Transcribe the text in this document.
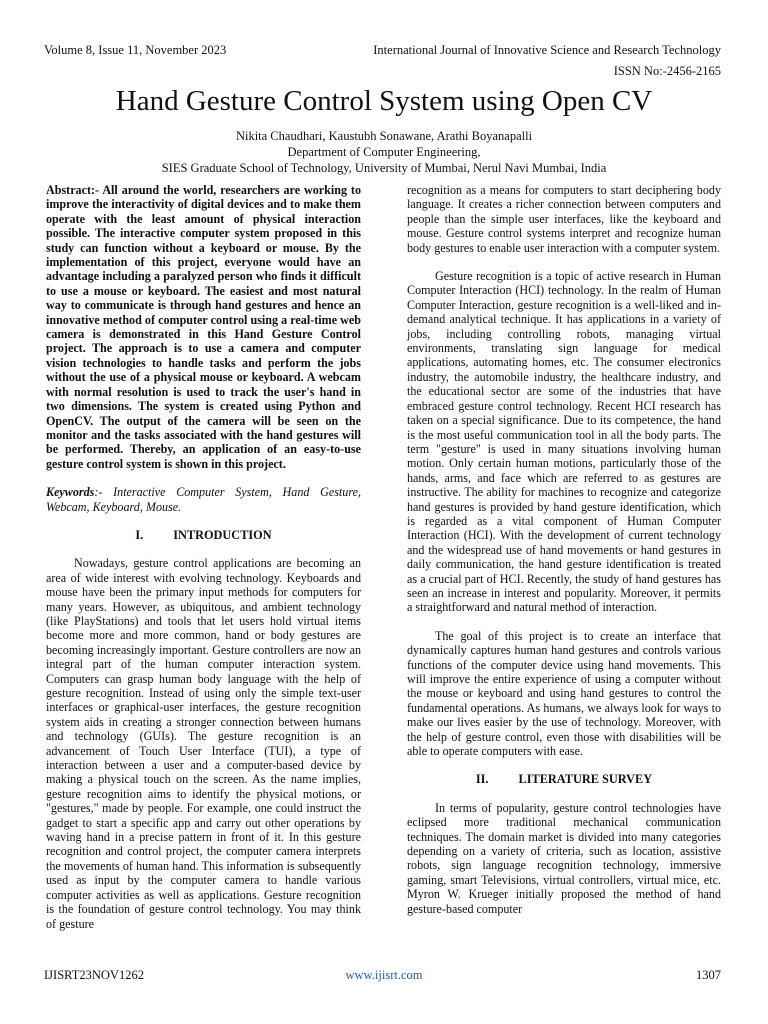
Volume 8, Issue 11, November 2023	International Journal of Innovative Science and Research Technology
ISSN No:-2456-2165
Hand Gesture Control System using Open CV
Nikita Chaudhari, Kaustubh Sonawane, Arathi Boyanapalli
Department of Computer Engineering,
SIES Graduate School of Technology, University of Mumbai, Nerul Navi Mumbai, India

Abstract:- All around the world, researchers are working to improve the interactivity of digital devices and to make them operate with the least amount of physical interaction possible. The interactive computer system proposed in this study can function without a keyboard or mouse. By the implementation of this project, everyone would have an advantage including a paralyzed person who finds it difficult to use a mouse or keyboard. The easiest and most natural way to communicate is through hand gestures and hence an innovative method of computer control using a real-time web camera is demonstrated in this Hand Gesture Control project. The approach is to use a camera and computer vision technologies to handle tasks and perform the jobs without the use of a physical mouse or keyboard. A webcam with normal resolution is used to track the user's hand in two dimensions. The system is created using Python and OpenCV. The output of the camera will be seen on the monitor and the tasks associated with the hand gestures will be performed. Thereby, an application of an easy-to-use gesture control system is shown in this project.

Keywords:- Interactive Computer System, Hand Gesture, Webcam, Keyboard, Mouse.

I. INTRODUCTION

Nowadays, gesture control applications are becoming an area of wide interest with evolving technology. Keyboards and mouse have been the primary input methods for computers for many years. However, as ubiquitous, and ambient technology (like PlayStations) and tools that let users hold virtual items become more and more common, hand or body gestures are becoming increasingly important. Gesture controllers are now an integral part of the human computer interaction system. Computers can grasp human body language with the help of gesture recognition. Instead of using only the simple text-user interfaces or graphical-user interfaces, the gesture recognition system aids in creating a stronger connection between humans and technology (GUIs). The gesture recognition is an advancement of Touch User Interface (TUI), a type of interaction between a user and a computer-based device by making a physical touch on the screen. As the name implies, gesture recognition aims to identify the physical motions, or "gestures," made by people. For example, one could instruct the gadget to start a specific app and carry out other operations by waving hand in a precise pattern in front of it. In this gesture recognition and control project, the computer camera interprets the movements of human hand. This information is subsequently used as input by the computer camera to handle various computer activities as well as applications. Gesture recognition is the foundation of gesture control technology. You may think of gesture

recognition as a means for computers to start deciphering body language. It creates a richer connection between computers and people than the simple user interfaces, like the keyboard and mouse. Gesture control systems interpret and recognize human body gestures to enable user interaction with a computer system.

Gesture recognition is a topic of active research in Human Computer Interaction (HCI) technology. In the realm of Human Computer Interaction, gesture recognition is a well-liked and in-demand analytical technique. It has applications in a variety of jobs, including controlling robots, managing virtual environments, translating sign language for medical applications, automating homes, etc. The consumer electronics industry, the automobile industry, the healthcare industry, and the educational sector are some of the industries that have embraced gesture control technology. Recent HCI research has taken on a special significance. Due to its competence, the hand is the most useful communication tool in all the body parts. The term "gesture" is used in many situations involving human motion. Only certain human motions, particularly those of the hands, arms, and face which are referred to as gestures are instructive. The ability for machines to recognize and categorize hand gestures is provided by hand gesture identification, which is regarded as a vital component of Human Computer Interaction (HCI). With the development of current technology and the widespread use of hand movements or hand gestures in daily communication, the hand gesture identification is treated as a crucial part of HCI. Recently, the study of hand gestures has seen an increase in interest and popularity. Moreover, it permits a straightforward and natural method of interaction.

The goal of this project is to create an interface that dynamically captures human hand gestures and controls various functions of the computer device using hand movements. This will improve the entire experience of using a computer without the mouse or keyboard and using hand gestures to control the fundamental operations. As humans, we always look for ways to make our lives easier by the use of technology. Moreover, with the help of gesture control, even those with disabilities will be able to operate computers with ease.

II. LITERATURE SURVEY

In terms of popularity, gesture control technologies have eclipsed more traditional mechanical communication techniques. The domain market is divided into many categories depending on a variety of criteria, such as location, assistive robots, sign language recognition technology, immersive gaming, smart Televisions, virtual controllers, virtual mice, etc. Myron W. Krueger initially proposed the method of hand gesture-based computer

IJISRT23NOV1262	www.ijisrt.com	1307
